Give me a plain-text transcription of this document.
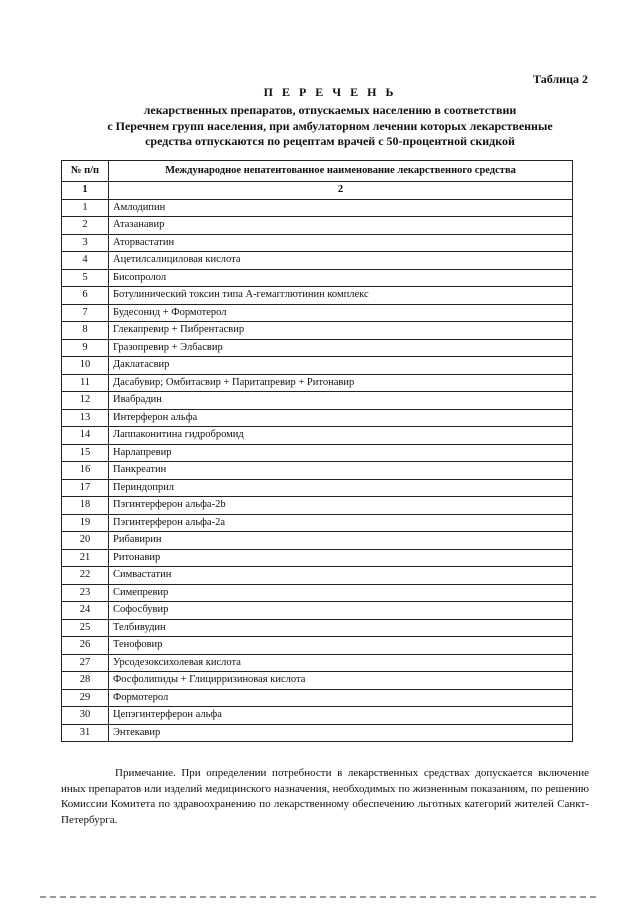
Таблица 2
П Е Р Е Ч Е Н Ь
лекарственных препаратов, отпускаемых населению в соответствии
с Перечнем групп населения, при амбулаторном лечении которых лекарственные
средства отпускаются по рецептам врачей с 50-процентной скидкой
№ п/п	Международное непатентованное наименование лекарственного средства
1	2
1	Амлодипин
2	Атазанавир
3	Аторвастатин
4	Ацетилсалициловая кислота
5	Бисопролол
6	Ботулинический токсин типа А-гемагглютинин комплекс
7	Будесонид + Формотерол
8	Глекапревир + Пибрентасвир
9	Гразопревир + Элбасвир
10	Даклатасвир
11	Дасабувир; Омбитасвир + Паритапревир + Ритонавир
12	Ивабрадин
13	Интерферон альфа
14	Лаппаконитина гидробромид
15	Нарлапревир
16	Панкреатин
17	Периндоприл
18	Пэгинтерферон альфа-2b
19	Пэгинтерферон альфа-2а
20	Рибавирин
21	Ритонавир
22	Симвастатин
23	Симепревир
24	Софосбувир
25	Телбивудин
26	Тенофовир
27	Урсодезоксихолевая кислота
28	Фосфолипиды + Глицирризиновая кислота
29	Формотерол
30	Цепэгинтерферон альфа
31	Энтекавир
Примечание. При определении потребности в лекарственных средствах допускается включение иных препаратов или изделий медицинского назначения, необходимых по жизненным показаниям, по решению Комиссии Комитета по здравоохранению по лекарственному обеспечению льготных категорий жителей Санкт-Петербурга.
